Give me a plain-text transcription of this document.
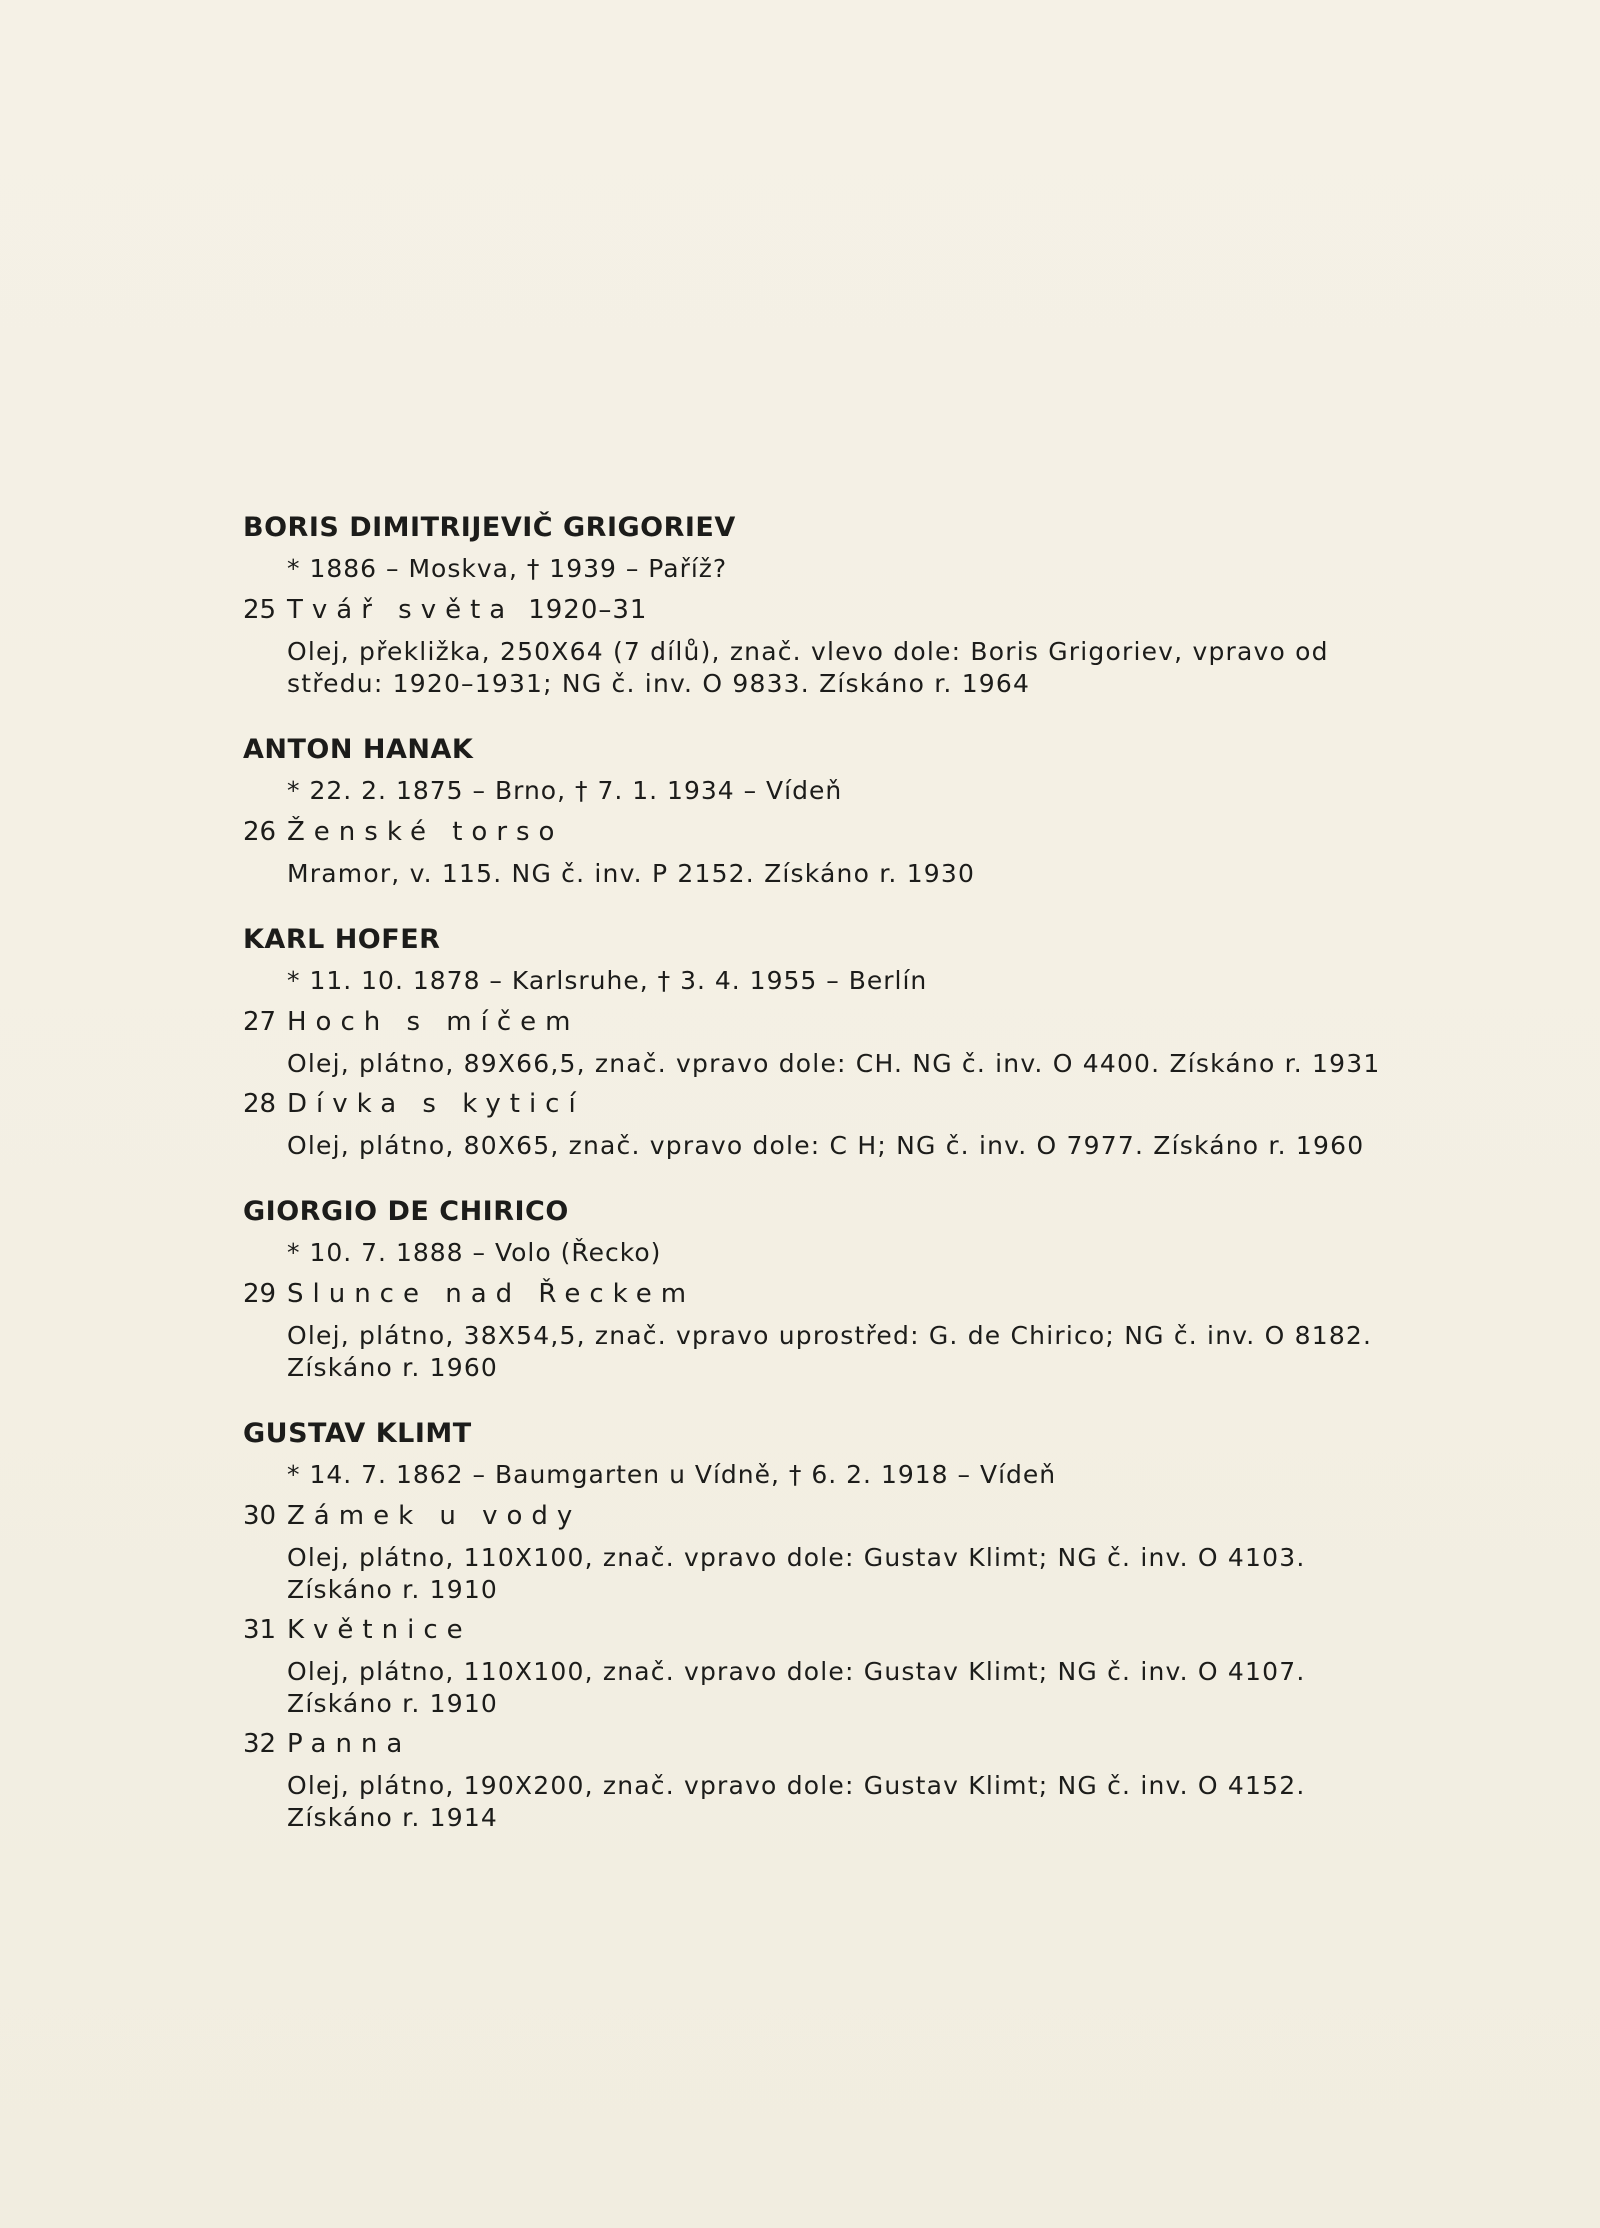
BORIS DIMITRIJEVIČ GRIGORIEV
* 1886 – Moskva, † 1939 – Paříž?
25 Tvář světa 1920–31
Olej, překližka, 250X64 (7 dílů), znač. vlevo dole: Boris Grigoriev, vpravo od středu: 1920–1931; NG č. inv. O 9833. Získáno r. 1964
ANTON HANAK
* 22. 2. 1875 – Brno, † 7. 1. 1934 – Vídeň
26 Ženské torso
Mramor, v. 115. NG č. inv. P 2152. Získáno r. 1930
KARL HOFER
* 11. 10. 1878 – Karlsruhe, † 3. 4. 1955 – Berlín
27 Hoch s míčem
Olej, plátno, 89X66,5, znač. vpravo dole: CH. NG č. inv. O 4400. Získáno r. 1931
28 Dívka s kyticí
Olej, plátno, 80X65, znač. vpravo dole: C H; NG č. inv. O 7977. Získáno r. 1960
GIORGIO DE CHIRICO
* 10. 7. 1888 – Volo (Řecko)
29 Slunce nad Řeckem
Olej, plátno, 38X54,5, znač. vpravo uprostřed: G. de Chirico; NG č. inv. O 8182. Získáno r. 1960
GUSTAV KLIMT
* 14. 7. 1862 – Baumgarten u Vídně, † 6. 2. 1918 – Vídeň
30 Zámek u vody
Olej, plátno, 110X100, znač. vpravo dole: Gustav Klimt; NG č. inv. O 4103. Získáno r. 1910
31 Květnice
Olej, plátno, 110X100, znač. vpravo dole: Gustav Klimt; NG č. inv. O 4107. Získáno r. 1910
32 Panna
Olej, plátno, 190X200, znač. vpravo dole: Gustav Klimt; NG č. inv. O 4152. Získáno r. 1914
